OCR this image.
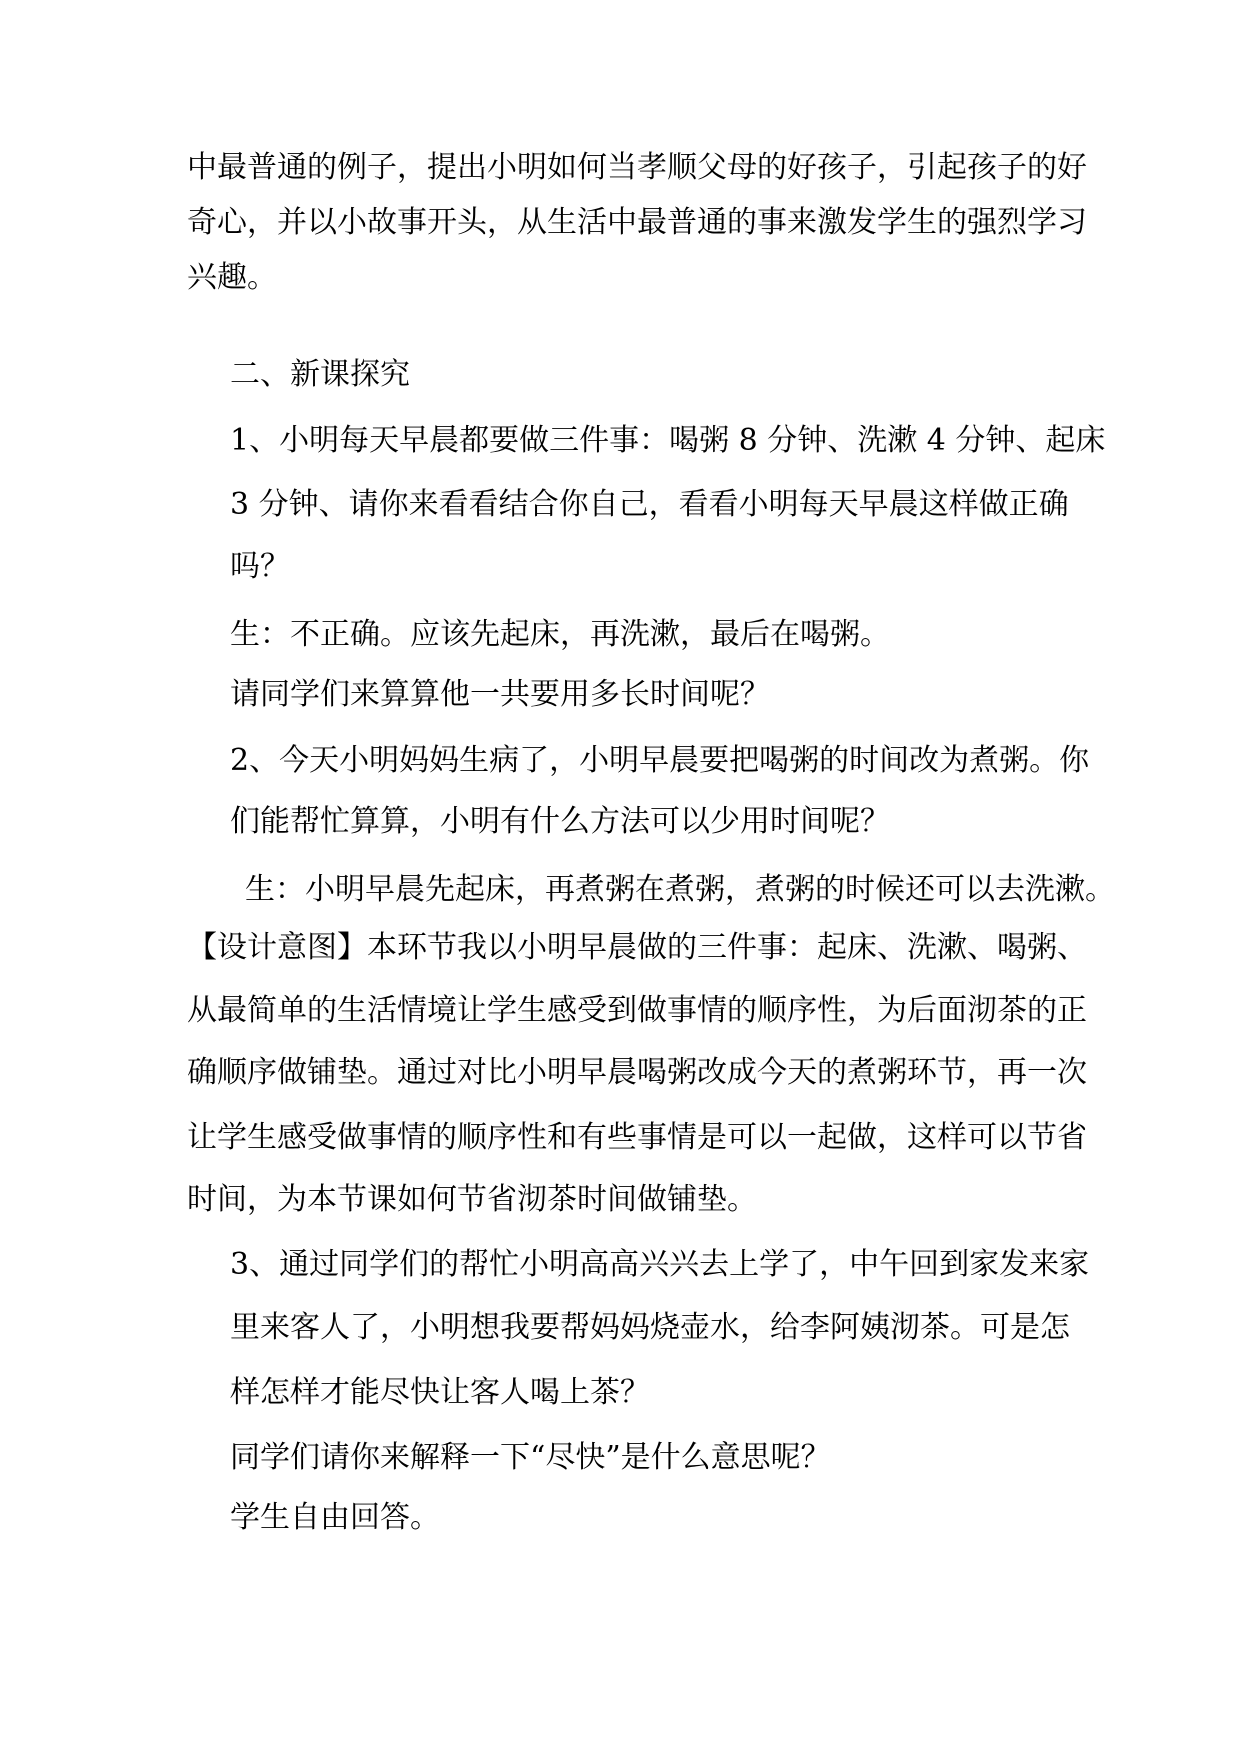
中最普通的例子，提出小明如何当孝顺父母的好孩子，引起孩子的好
奇心，并以小故事开头，从生活中最普通的事来激发学生的强烈学习
兴趣。
二、新课探究
1、小明每天早晨都要做三件事：喝粥 8 分钟、洗漱 4 分钟、起床
3 分钟、请你来看看结合你自己，看看小明每天早晨这样做正确
吗？
生：不正确。应该先起床，再洗漱，最后在喝粥。
请同学们来算算他一共要用多长时间呢？
2、今天小明妈妈生病了，小明早晨要把喝粥的时间改为煮粥。你
们能帮忙算算，小明有什么方法可以少用时间呢？
生：小明早晨先起床，再煮粥在煮粥，煮粥的时候还可以去洗漱。
【设计意图】本环节我以小明早晨做的三件事：起床、洗漱、喝粥、
从最简单的生活情境让学生感受到做事情的顺序性，为后面沏茶的正
确顺序做铺垫。通过对比小明早晨喝粥改成今天的煮粥环节，再一次
让学生感受做事情的顺序性和有些事情是可以一起做，这样可以节省
时间，为本节课如何节省沏茶时间做铺垫。
3、通过同学们的帮忙小明高高兴兴去上学了，中午回到家发来家
里来客人了，小明想我要帮妈妈烧壶水，给李阿姨沏茶。可是怎
样怎样才能尽快让客人喝上茶？
同学们请你来解释一下“尽快”是什么意思呢？
学生自由回答。
